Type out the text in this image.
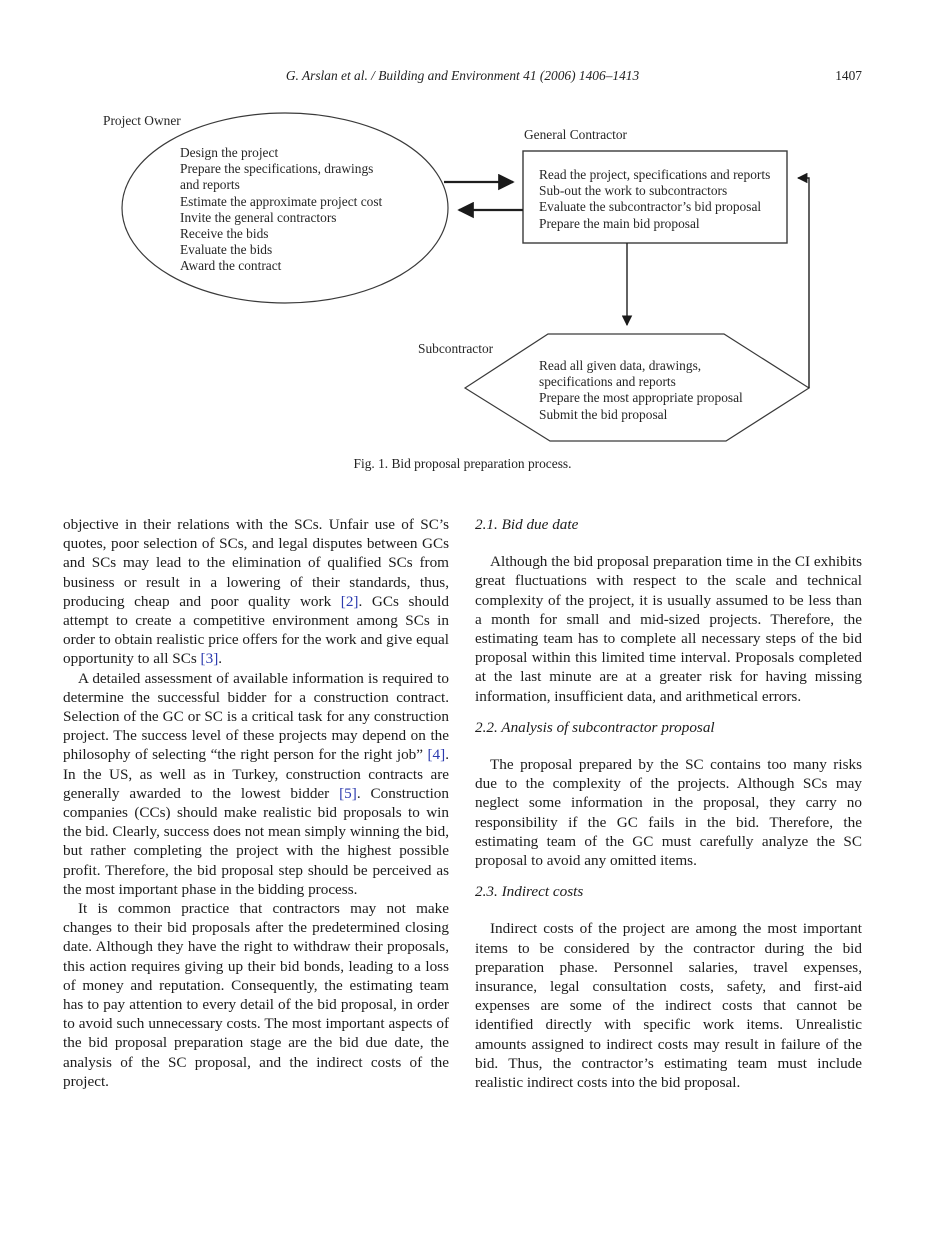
G. Arslan et al. / Building and Environment 41 (2006) 1406–1413	1407
Project Owner
General Contractor
Subcontractor
Design the project
Prepare the specifications, drawings
and reports
Estimate the approximate project cost
Invite the general contractors
Receive the bids
Evaluate the bids
Award the contract
Read the project, specifications and reports
Sub-out the work to subcontractors
Evaluate the subcontractor’s bid proposal
Prepare the main bid proposal
Read all given data, drawings,
specifications and reports
Prepare the most appropriate proposal
Submit the bid proposal
Fig. 1. Bid proposal preparation process.

objective in their relations with the SCs. Unfair use of SC’s quotes, poor selection of SCs, and legal disputes between GCs and SCs may lead to the elimination of qualified SCs from business or result in a lowering of their standards, thus, producing cheap and poor quality work [2]. GCs should attempt to create a competitive environment among SCs in order to obtain realistic price offers for the work and give equal opportunity to all SCs [3].

A detailed assessment of available information is required to determine the successful bidder for a construction contract. Selection of the GC or SC is a critical task for any construction project. The success level of these projects may depend on the philosophy of selecting “the right person for the right job” [4]. In the US, as well as in Turkey, construction contracts are generally awarded to the lowest bidder [5]. Construction companies (CCs) should make realistic bid proposals to win the bid. Clearly, success does not mean simply winning the bid, but rather completing the project with the highest possible profit. Therefore, the bid proposal step should be perceived as the most important phase in the bidding process.

It is common practice that contractors may not make changes to their bid proposals after the predetermined closing date. Although they have the right to withdraw their proposals, this action requires giving up their bid bonds, leading to a loss of money and reputation. Consequently, the estimating team has to pay attention to every detail of the bid proposal, in order to avoid such unnecessary costs. The most important aspects of the bid proposal preparation stage are the bid due date, the analysis of the SC proposal, and the indirect costs of the project.

2.1. Bid due date

Although the bid proposal preparation time in the CI exhibits great fluctuations with respect to the scale and technical complexity of the project, it is usually assumed to be less than a month for small and mid-sized projects. Therefore, the estimating team has to complete all necessary steps of the bid proposal within this limited time interval. Proposals completed at the last minute are at a greater risk for having missing information, insufficient data, and arithmetical errors.

2.2. Analysis of subcontractor proposal

The proposal prepared by the SC contains too many risks due to the complexity of the projects. Although SCs may neglect some information in the proposal, they carry no responsibility if the GC fails in the bid. Therefore, the estimating team of the GC must carefully analyze the SC proposal to avoid any omitted items.

2.3. Indirect costs

Indirect costs of the project are among the most important items to be considered by the contractor during the bid preparation phase. Personnel salaries, travel expenses, insurance, legal consultation costs, safety, and first-aid expenses are some of the indirect costs that cannot be identified directly with specific work items. Unrealistic amounts assigned to indirect costs may result in failure of the bid. Thus, the contractor’s estimating team must include realistic indirect costs into the bid proposal.
